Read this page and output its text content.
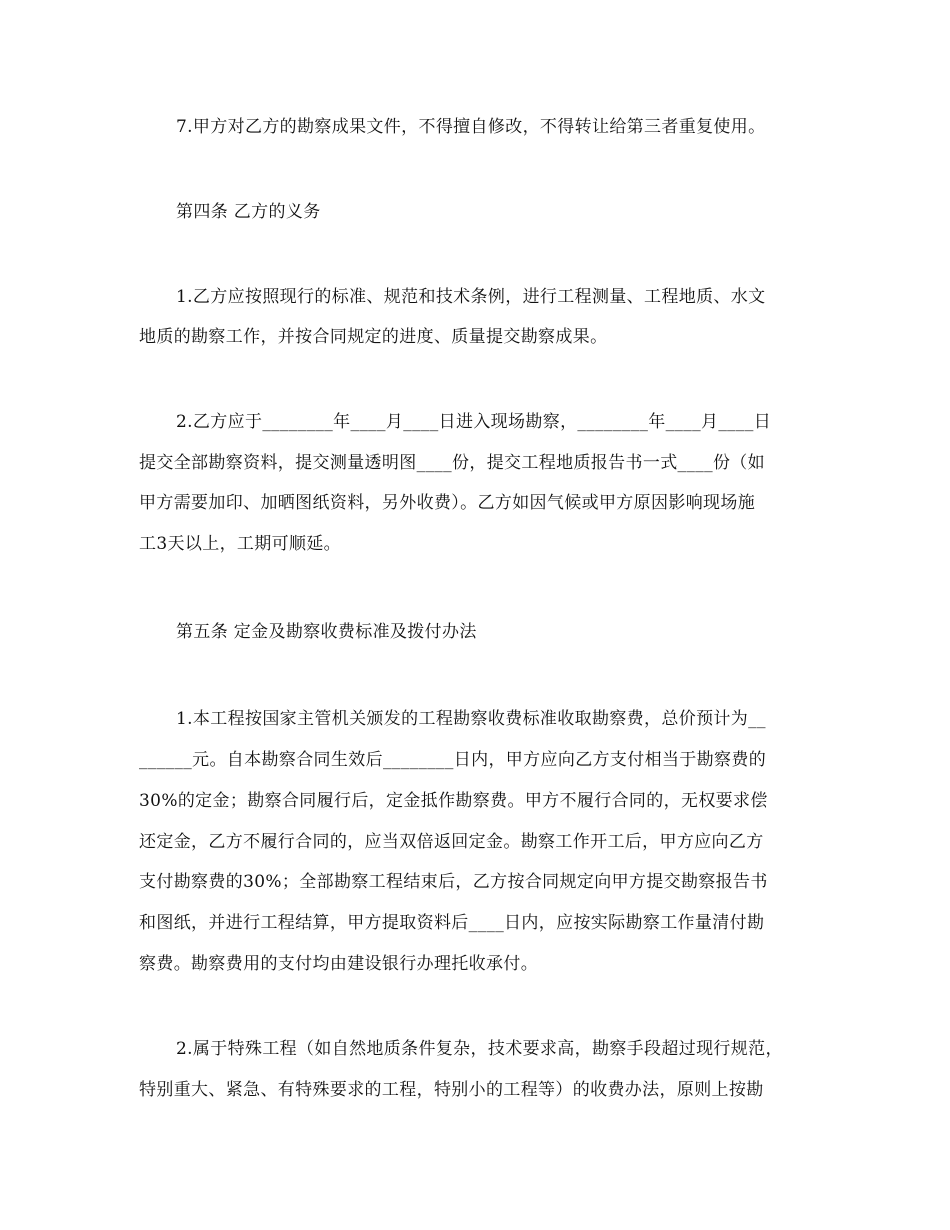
7.甲方对乙方的勘察成果文件，不得擅自修改，不得转让给第三者重复使用。
第四条 乙方的义务
1.乙方应按照现行的标准、规范和技术条例，进行工程测量、工程地质、水文
地质的勘察工作，并按合同规定的进度、质量提交勘察成果。
2.乙方应于________年____月____日进入现场勘察，________年____月____日
提交全部勘察资料，提交测量透明图____份，提交工程地质报告书一式____份（如
甲方需要加印、加晒图纸资料，另外收费）。乙方如因气候或甲方原因影响现场施
工3天以上，工期可顺延。
第五条 定金及勘察收费标准及拨付办法
1.本工程按国家主管机关颁发的工程勘察收费标准收取勘察费，总价预计为__
______元。自本勘察合同生效后________日内，甲方应向乙方支付相当于勘察费的
30%的定金；勘察合同履行后，定金抵作勘察费。甲方不履行合同的，无权要求偿
还定金，乙方不履行合同的，应当双倍返回定金。勘察工作开工后，甲方应向乙方
支付勘察费的30%；全部勘察工程结束后，乙方按合同规定向甲方提交勘察报告书
和图纸，并进行工程结算，甲方提取资料后____日内，应按实际勘察工作量清付勘
察费。勘察费用的支付均由建设银行办理托收承付。
2.属于特殊工程（如自然地质条件复杂，技术要求高，勘察手段超过现行规范，
特别重大、紧急、有特殊要求的工程，特别小的工程等）的收费办法，原则上按勘
